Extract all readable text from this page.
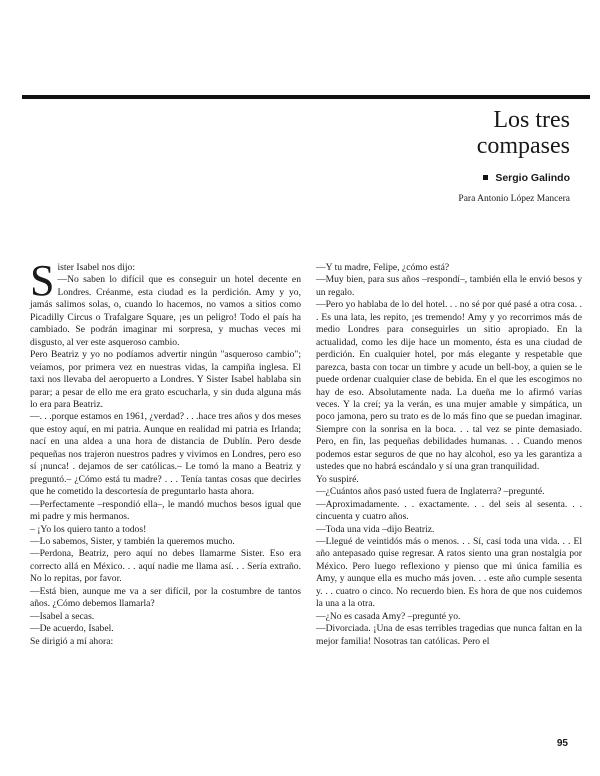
Los tres
compases
Sergio Galindo
Para Antonio López Mancera

Sister Isabel nos dijo:

—No saben lo difícil que es conseguir un hotel decente en Londres. Créanme, esta ciudad es la perdición. Amy y yo, jamás salimos solas, o, cuando lo hacemos, no vamos a sitios como Picadilly Circus o Trafalgare Square, ¡es un peligro! Todo el país ha cambiado. Se podrán imaginar mi sorpresa, y muchas veces mi disgusto, al ver este asqueroso cambio.

Pero Beatriz y yo no podíamos advertir ningún "asqueroso cambio"; veíamos, por primera vez en nuestras vidas, la campiña inglesa. El taxi nos llevaba del aeropuerto a Londres. Y Sister Isabel hablaba sin parar; a pesar de ello me era grato escucharla, y sin duda alguna más lo era para Beatriz.

—. . .porque estamos en 1961, ¿verdad? . . .hace tres años y dos meses que estoy aquí, en mi patria. Aunque en realidad mi patria es Irlanda; nací en una aldea a una hora de distancia de Dublín. Pero desde pequeñas nos trajeron nuestros padres y vivimos en Londres, pero eso sí ¡nunca! . dejamos de ser católicas.– Le tomó la mano a Beatriz y preguntó.– ¿Cómo está tu madre? . . . Tenía tantas cosas que decirles que he cometido la descortesía de preguntarlo hasta ahora.

—Perfectamente –respondió ella–, le mandó muchos besos igual que mi padre y mis hermanos.

– ¡Yo los quiero tanto a todos!

—Lo sabemos, Sister, y también la queremos mucho.

—Perdona, Beatriz, pero aquí no debes llamarme Sister. Eso era correcto allá en México. . . aquí nadie me llama así. . . Sería extraño. No lo repitas, por favor.

—Está bien, aunque me va a ser difícil, por la costumbre de tantos años. ¿Cómo debemos llamarla?

—Isabel a secas.

—De acuerdo, Isabel.

Se dirigió a mí ahora:

—Y tu madre, Felipe, ¿cómo está?

—Muy bien, para sus años –respondí–, también ella le envió besos y un regalo.

—Pero yo hablaba de lo del hotel. . . no sé por qué pasé a otra cosa. . . Es una lata, les repito, ¡es tremendo! Amy y yo recorrimos más de medio Londres para conseguirles un sitio apropiado. En la actualidad, como les dije hace un momento, ésta es una ciudad de perdición. En cualquier hotel, por más elegante y respetable que parezca, basta con tocar un timbre y acude un bell-boy, a quien se le puede ordenar cualquier clase de bebida. En el que les escogimos no hay de eso. Absolutamente nada. La dueña me lo afirmó varias veces. Y la creí; ya la verán, es una mujer amable y simpática, un poco jamona, pero su trato es de lo más fino que se puedan imaginar. Siempre con la sonrisa en la boca. . . tal vez se pinte demasiado. Pero, en fin, las pequeñas debilidades humanas. . . Cuando menos podemos estar seguros de que no hay alcohol, eso ya les garantiza a ustedes que no habrá escándalo y sí una gran tranquilidad.

Yo suspiré.

—¿Cuántos años pasó usted fuera de Inglaterra? –pregunté.

—Aproximadamente. . . exactamente. . . del seis al sesenta. . . cincuenta y cuatro años.

—Toda una vida –dijo Beatriz.

—Llegué de veintidós más o menos. . . Sí, casi toda una vida. . . El año antepasado quise regresar. A ratos siento una gran nostalgia por México. Pero luego reflexiono y pienso que mi única familia es Amy, y aunque ella es mucho más joven. . . este año cumple sesenta y. . . cuatro o cinco. No recuerdo bien. Es hora de que nos cuidemos la una a la otra.

—¿No es casada Amy? –pregunté yo.

—Divorciada. ¡Una de esas terribles tragedias que nunca faltan en la mejor familia! Nosotras tan católicas. Pero el

95
